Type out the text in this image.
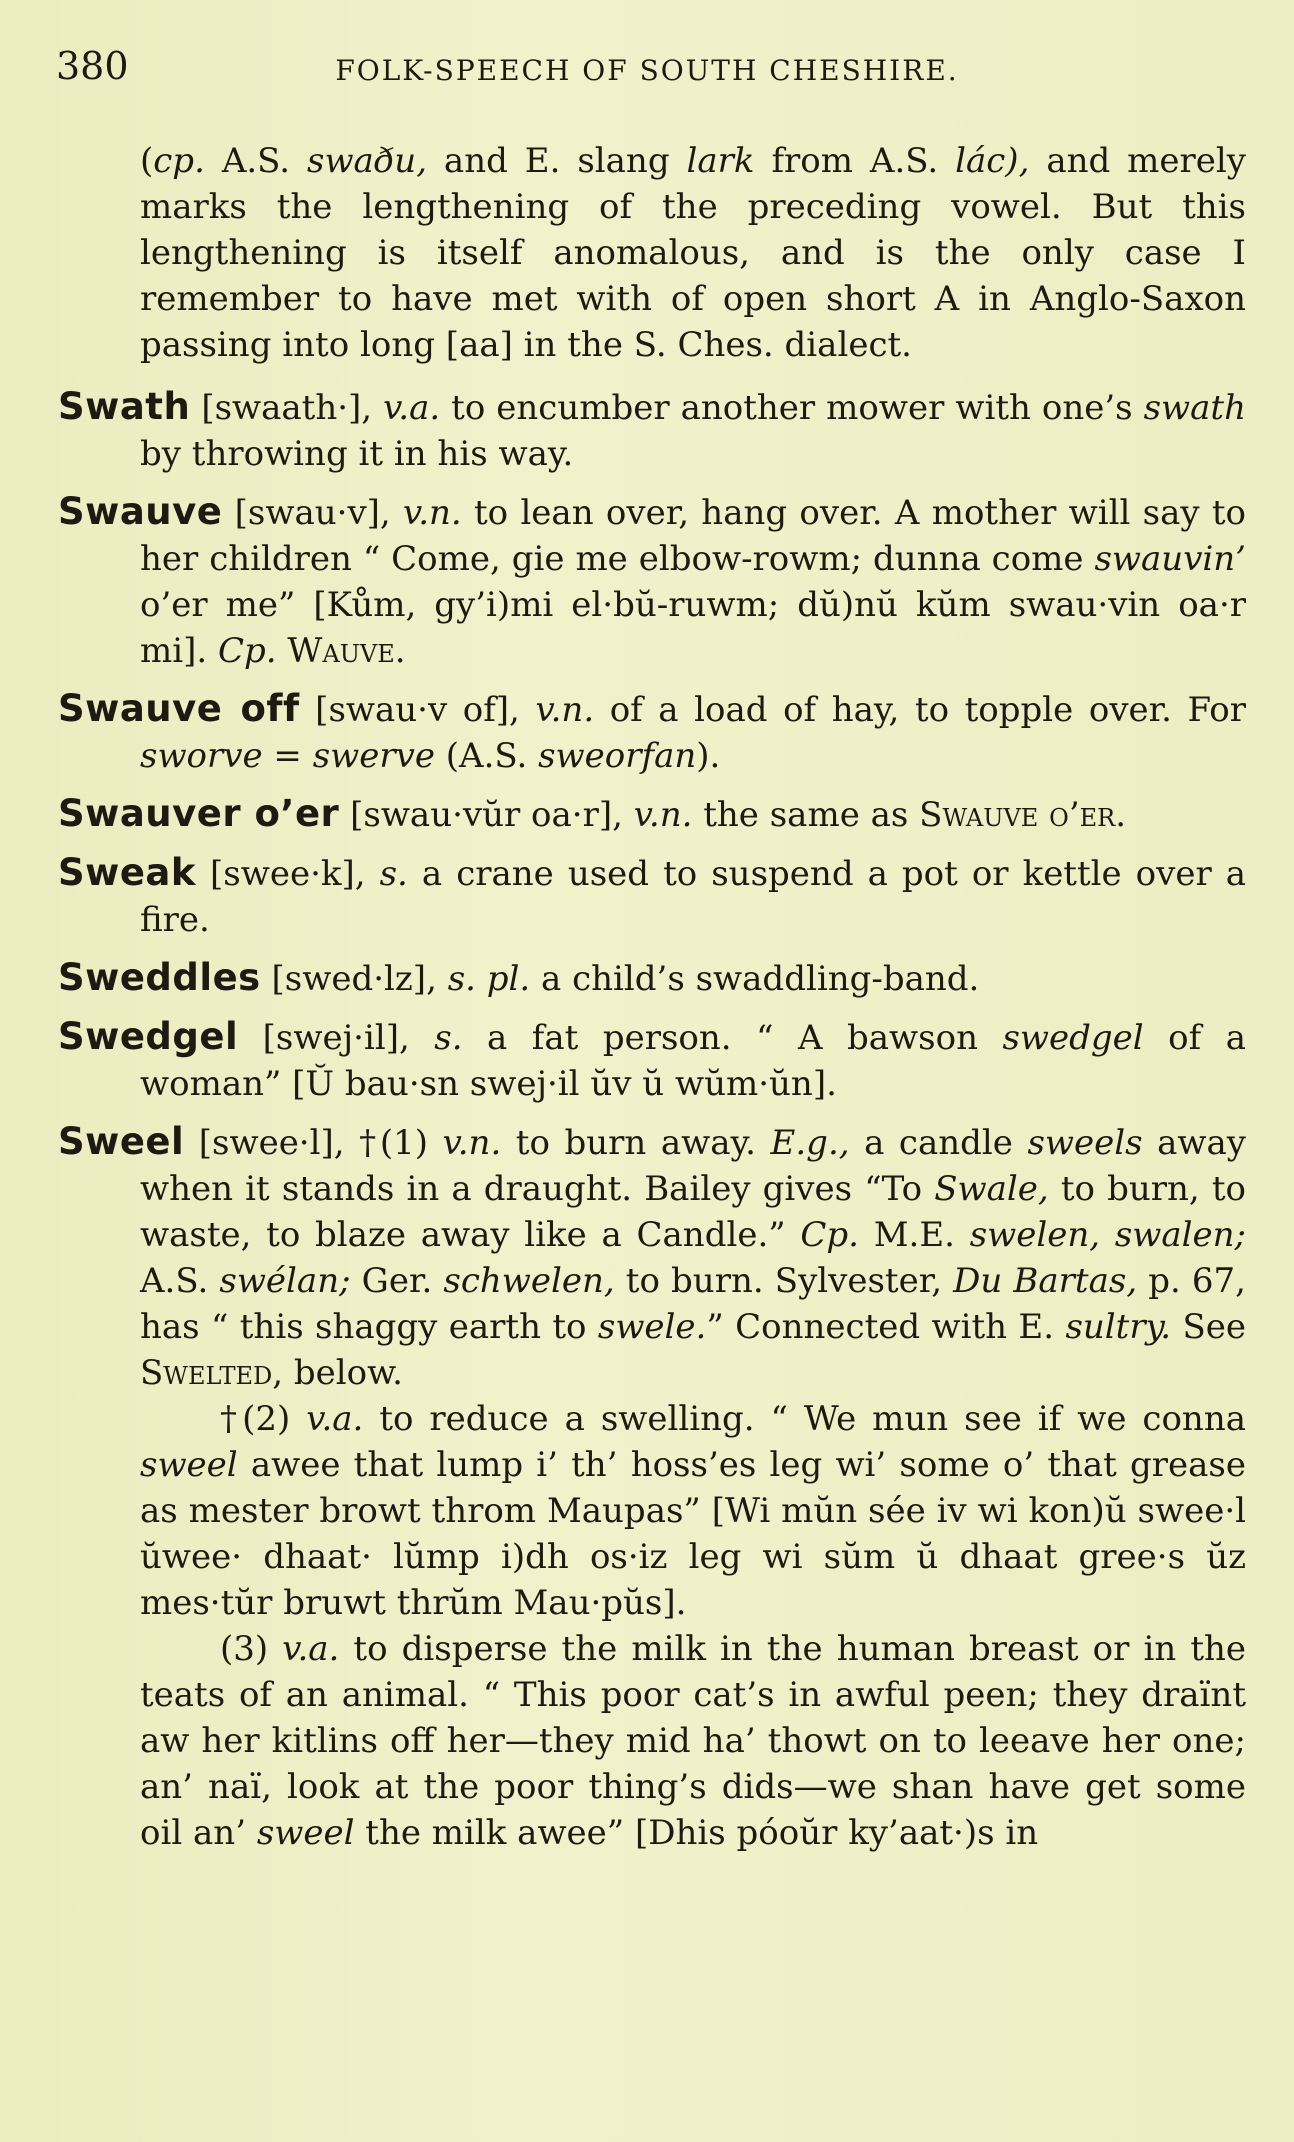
380	FOLK-SPEECH OF SOUTH CHESHIRE.
(cp. A.S. swaðu, and E. slang lark from A.S. lác), and merely marks the lengthening of the preceding vowel. But this lengthening is itself anomalous, and is the only case I remember to have met with of open short A in Anglo-Saxon passing into long [aa] in the S. Ches. dialect.
Swath [swaath·], v.a. to encumber another mower with one’s swath by throwing it in his way.
Swauve [swau·v], v.n. to lean over, hang over. A mother will say to her children “ Come, gie me elbow-rowm; dunna come swauvin’ o’er me” [Kům, gy’i)mi el·bŭ-ruwm; dŭ)nŭ kŭm swau·vin oa·r mi]. Cp. Wauve.
Swauve off [swau·v of], v.n. of a load of hay, to topple over. For sworve = swerve (A.S. sweorfan).
Swauver o’er [swau·vŭr oa·r], v.n. the same as Swauve o’er.
Sweak [swee·k], s. a crane used to suspend a pot or kettle over a fire.
Sweddles [swed·lz], s. pl. a child’s swaddling-band.
Swedgel [swej·il], s. a fat person. “ A bawson swedgel of a woman” [Ŭ bau·sn swej·il ŭv ŭ wŭm·ŭn].

Sweel [swee·l], †(1) v.n. to burn away. E.g., a candle sweels away when it stands in a draught. Bailey gives “To Swale, to burn, to waste, to blaze away like a Candle.” Cp. M.E. swelen, swalen; A.S. swélan; Ger. schwelen, to burn. Sylvester, Du Bartas, p. 67, has “ this shaggy earth to swele.” Connected with E. sultry. See Swelted, below.

†(2) v.a. to reduce a swelling. “ We mun see if we conna sweel awee that lump i’ th’ hoss’es leg wi’ some o’ that grease as mester browt throm Maupas” [Wi mŭn sée iv wi kon)ŭ swee·l ŭwee· dhaat· lŭmp i)dh os·iz leg wi sŭm ŭ dhaat gree·s ŭz mes·tŭr bruwt thrŭm Mau·pŭs].

(3) v.a. to disperse the milk in the human breast or in the teats of an animal. “ This poor cat’s in awful peen; they draïnt aw her kitlins off her—they mid ha’ thowt on to leeave her one; an’ naï, look at the poor thing’s dids—we shan have get some oil an’ sweel the milk awee” [Dhis póoŭr ky’aat·)s in
